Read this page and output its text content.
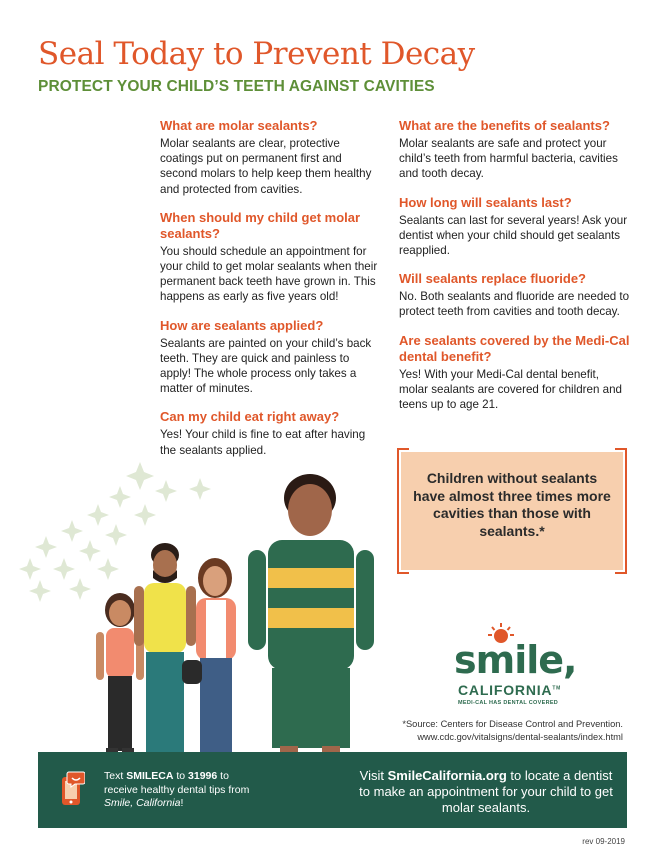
Seal Today to Prevent Decay
PROTECT YOUR CHILD’S TEETH AGAINST CAVITIES

What are molar sealants?

Molar sealants are clear, protective coatings put on permanent first and second molars to help keep them healthy and protected from cavities.

When should my child get molar sealants?

You should schedule an appointment for your child to get molar sealants when their permanent back teeth have grown in. This happens as early as five years old!

How are sealants applied?

Sealants are painted on your child’s back teeth. They are quick and painless to apply! The whole process only takes a matter of minutes.

Can my child eat right away?

Yes! Your child is fine to eat after having the sealants applied.

What are the benefits of sealants?

Molar sealants are safe and protect your child’s teeth from harmful bacteria, cavities and tooth decay.

How long will sealants last?

Sealants can last for several years! Ask your dentist when your child should get sealants reapplied.

Will sealants replace fluoride?

No. Both sealants and fluoride are needed to protect teeth from cavities and tooth decay.

Are sealants covered by the Medi-Cal dental benefit?

Yes! With your Medi-Cal dental benefit, molar sealants are covered for children and teens up to age 21.

Children without sealants have almost three times more cavities than those with sealants.*
smile,
CALIFORNIA™
MEDI-CAL HAS DENTAL COVERED
*Source: Centers for Disease Control and Prevention.
www.cdc.gov/vitalsigns/dental-sealants/index.html
Text SMILECA to 31996 to receive healthy dental tips from Smile, California!
Visit SmileCalifornia.org to locate a dentist to make an appointment for your child to get molar sealants.
rev 09-2019
